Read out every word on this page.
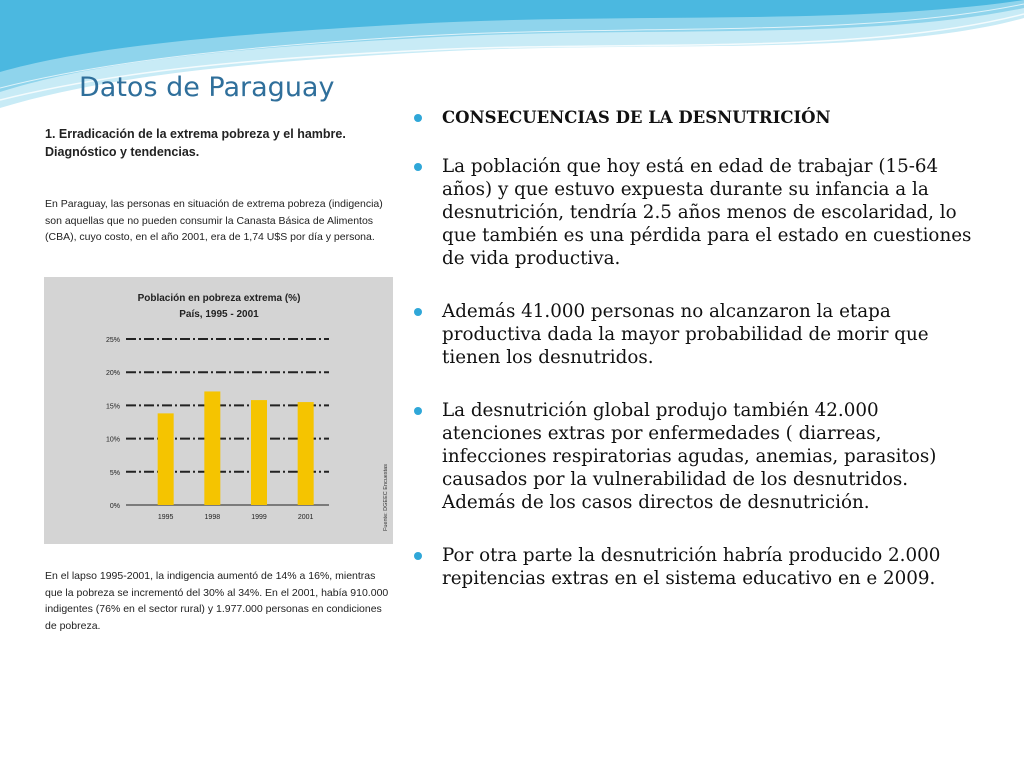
Datos de Paraguay
1. Erradicación de la extrema pobreza y el hambre. Diagnóstico y tendencias.
En Paraguay, las personas en situación de extrema pobreza (indigencia) son aquellas que no pueden consumir la Canasta Básica de Alimentos (CBA), cuyo costo, en el año 2001, era de 1,74 U$S por día y persona.
Población en pobreza extrema (%)
País, 1995 - 2001
0%
5%
10%
15%
20%
25%
1995	1998	1999	2001	Fuente: DGEEC Encuestas
En el lapso 1995-2001, la indigencia aumentó de 14% a 16%, mientras que la pobreza se incrementó del 30% al 34%. En el 2001, había 910.000 indigentes (76% en el sector rural) y 1.977.000 personas en condiciones de pobreza.
CONSECUENCIAS DE LA DESNUTRICIÓN
La población que hoy está en edad de trabajar (15-64 años) y que estuvo expuesta durante su infancia a la desnutrición, tendría 2.5 años menos de escolaridad, lo que también es una pérdida para el estado en cuestiones de vida productiva.
Además 41.000 personas no alcanzaron la etapa productiva dada la mayor probabilidad de morir que tienen los desnutridos.
La desnutrición global produjo también 42.000 atenciones extras por enfermedades ( diarreas, infecciones respiratorias agudas, anemias, parasitos) causados por la vulnerabilidad de los desnutridos. Además de los casos directos de desnutrición.
Por otra parte la desnutrición habría producido 2.000 repitencias extras en el sistema educativo en e 2009.
